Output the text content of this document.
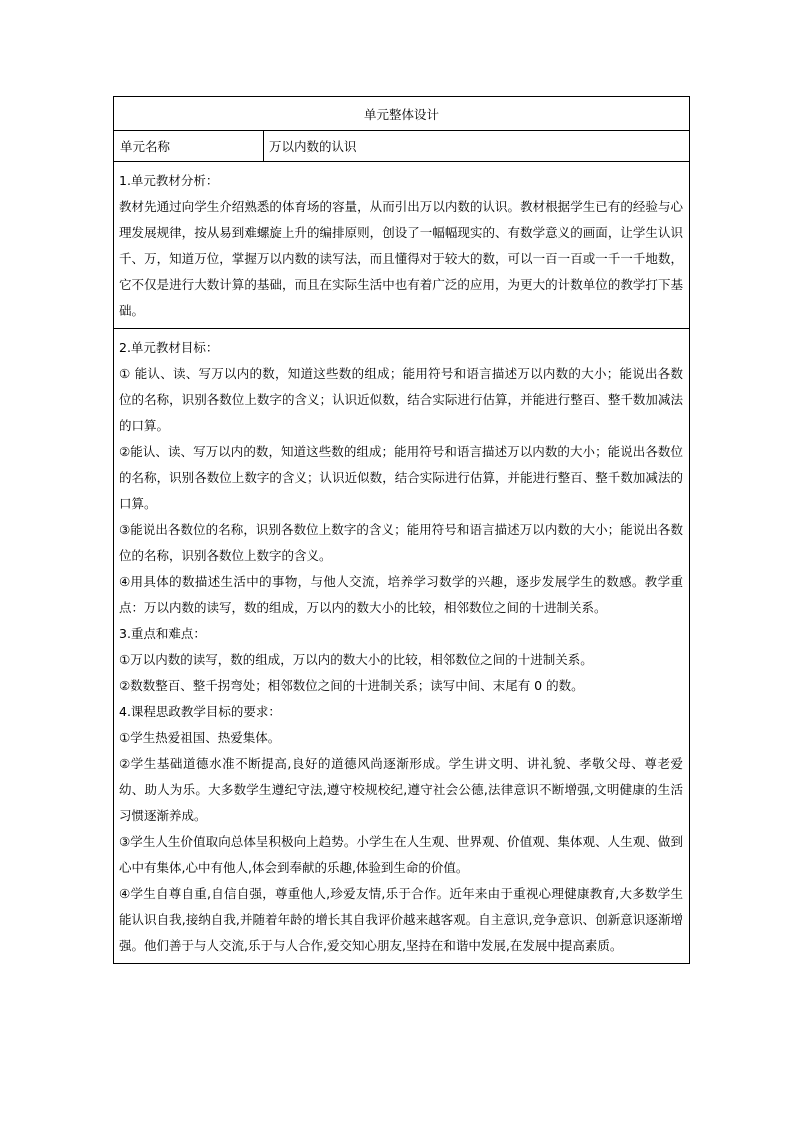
单元整体设计
单元名称	万以内数的认识
1.单元教材分析：

教材先通过向学生介绍熟悉的体育场的容量，从而引出万以内数的认识。教材根据学生已有的经验与心理发展规律，按从易到难螺旋上升的编排原则，创设了一幅幅现实的、有数学意义的画面，让学生认识千、万，知道万位，掌握万以内数的读写法，而且懂得对于较大的数，可以一百一百或一千一千地数，它不仅是进行大数计算的基础，而且在实际生活中也有着广泛的应用，为更大的计数单位的教学打下基础。

2.单元教材目标：

① 能认、读、写万以内的数，知道这些数的组成；能用符号和语言描述万以内数的大小；能说出各数位的名称，识别各数位上数字的含义；认识近似数，结合实际进行估算，并能进行整百、整千数加减法的口算。

②能认、读、写万以内的数，知道这些数的组成；能用符号和语言描述万以内数的大小；能说出各数位的名称，识别各数位上数字的含义；认识近似数，结合实际进行估算，并能进行整百、整千数加减法的口算。

③能说出各数位的名称，识别各数位上数字的含义；能用符号和语言描述万以内数的大小；能说出各数位的名称，识别各数位上数字的含义。

④用具体的数描述生活中的事物，与他人交流，培养学习数学的兴趣，逐步发展学生的数感。教学重点：万以内数的读写，数的组成，万以内的数大小的比较，相邻数位之间的十进制关系。

3.重点和难点：

①万以内数的读写，数的组成，万以内的数大小的比较，相邻数位之间的十进制关系。

②数数整百、整千拐弯处；相邻数位之间的十进制关系；读写中间、末尾有 0 的数。

4.课程思政教学目标的要求：

①学生热爱祖国、热爱集体。

②学生基础道德水准不断提高,良好的道德风尚逐渐形成。学生讲文明、讲礼貌、孝敬父母、尊老爱幼、助人为乐。大多数学生遵纪守法,遵守校规校纪,遵守社会公德,法律意识不断增强,文明健康的生活习惯逐渐养成。

③学生人生价值取向总体呈积极向上趋势。小学生在人生观、世界观、价值观、集体观、人生观、做到心中有集体,心中有他人,体会到奉献的乐趣,体验到生命的价值。

④学生自尊自重,自信自强，尊重他人,珍爱友情,乐于合作。近年来由于重视心理健康教育,大多数学生能认识自我,接纳自我,并随着年龄的增长其自我评价越来越客观。自主意识,竞争意识、创新意识逐渐增强。他们善于与人交流,乐于与人合作,爱交知心朋友,坚持在和谐中发展,在发展中提高素质。
